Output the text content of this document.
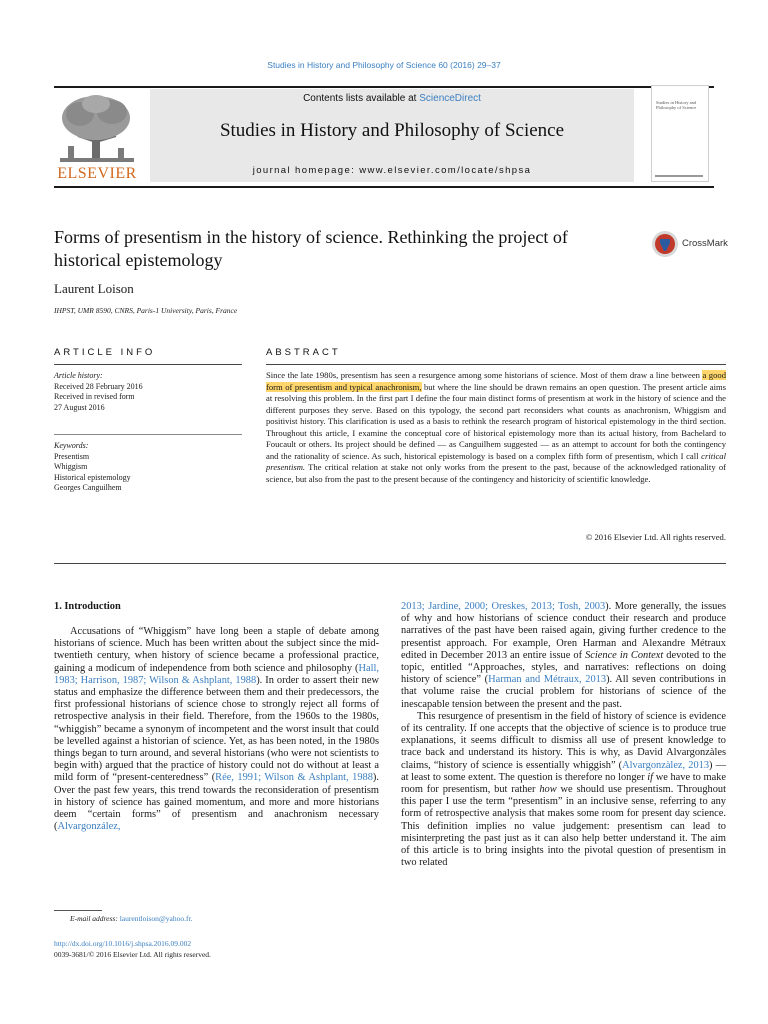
Studies in History and Philosophy of Science 60 (2016) 29–37
ELSEVIER
Contents lists available at ScienceDirect
Studies in History and Philosophy of Science
journal homepage: www.elsevier.com/locate/shpsa
Studies in History and Philosophy of Science
Forms of presentism in the history of science. Rethinking the project of historical epistemology
CrossMark
Laurent Loison
IHPST, UMR 8590, CNRS, Paris-1 University, Paris, France
ARTICLE INFO	ABSTRACT
Article history:
Received 28 February 2016
Received in revised form
27 August 2016
Keywords:
Presentism
Whiggism
Historical epistemology
Georges Canguilhem
Since the late 1980s, presentism has seen a resurgence among some historians of science. Most of them draw a line between a good form of presentism and typical anachronism, but where the line should be drawn remains an open question. The present article aims at resolving this problem. In the first part I define the four main distinct forms of presentism at work in the history of science and the different purposes they serve. Based on this typology, the second part reconsiders what counts as anachronism, Whiggism and positivist history. This clarification is used as a basis to rethink the research program of historical epistemology in the third section. Throughout this article, I examine the conceptual core of historical epistemology more than its actual history, from Bachelard to Foucault or others. Its project should be defined — as Canguilhem suggested — as an attempt to account for both the contingency and the rationality of science. As such, historical epistemology is based on a complex fifth form of presentism, which I call critical presentism. The critical relation at stake not only works from the present to the past, because of the acknowledged rationality of science, but also from the past to the present because of the contingency and historicity of scientific knowledge.
© 2016 Elsevier Ltd. All rights reserved.
1. Introduction

Accusations of “Whiggism” have long been a staple of debate among historians of science. Much has been written about the subject since the mid-twentieth century, when history of science became a professional practice, gaining a modicum of independence from both science and philosophy (Hall, 1983; Harrison, 1987; Wilson & Ashplant, 1988). In order to assert their new status and emphasize the difference between them and their predecessors, the first professional historians of science chose to strongly reject all forms of retrospective analysis in their field. Therefore, from the 1960s to the 1980s, “whiggish” became a synonym of incompetent and the worst insult that could be levelled against a historian of science. Yet, as has been noted, in the 1980s things began to turn around, and several historians (who were not scientists to begin with) argued that the practice of history could not do without at least a mild form of “present-centeredness” (Rée, 1991; Wilson & Ashplant, 1988). Over the past few years, this trend towards the reconsideration of presentism in history of science has gained momentum, and more and more historians deem “certain forms” of presentism and anachronism necessary (Alvargonzález,

2013; Jardine, 2000; Oreskes, 2013; Tosh, 2003). More generally, the issues of why and how historians of science conduct their research and produce narratives of the past have been raised again, giving further credence to the presentist approach. For example, Oren Harman and Alexandre Métraux edited in December 2013 an entire issue of Science in Context devoted to the topic, entitled “Approaches, styles, and narratives: reflections on doing history of science” (Harman and Métraux, 2013). All seven contributions in that volume raise the crucial problem for historians of science of the inescapable tension between the present and the past.

This resurgence of presentism in the field of history of science is evidence of its centrality. If one accepts that the objective of science is to produce true explanations, it seems difficult to dismiss all use of present knowledge to trace back and understand its history. This is why, as David Alvargonzàles claims, “history of science is essentially whiggish” (Alvargonzàlez, 2013) — at least to some extent. The question is therefore no longer if we have to make room for presentism, but rather how we should use presentism. Throughout this paper I use the term “presentism” in an inclusive sense, referring to any form of retrospective analysis that makes some room for present day science. This definition implies no value judgement: presentism can lead to misinterpreting the past just as it can also help better understand it. The aim of this article is to bring insights into the pivotal question of presentism in two related

E-mail address: laurentloison@yahoo.fr.
http://dx.doi.org/10.1016/j.shpsa.2016.09.002
0039-3681/© 2016 Elsevier Ltd. All rights reserved.
